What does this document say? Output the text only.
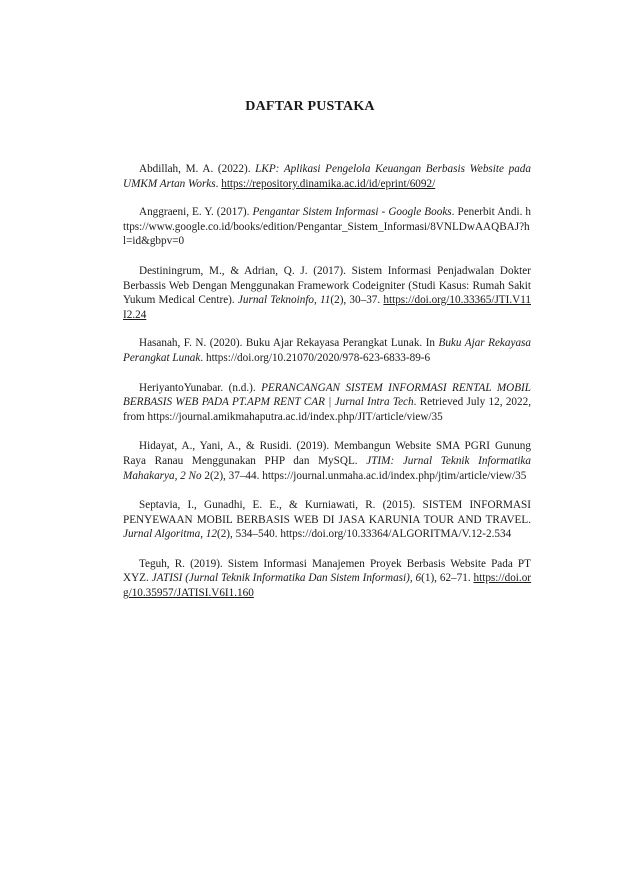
DAFTAR PUSTAKA

Abdillah, M. A. (2022). LKP: Aplikasi Pengelola Keuangan Berbasis Website pada UMKM Artan Works. https://repository.dinamika.ac.id/id/eprint/6092/

Anggraeni, E. Y. (2017). Pengantar Sistem Informasi - Google Books. Penerbit Andi. https://www.google.co.id/books/edition/Pengantar_Sistem_Informasi/8VNLDwAAQBAJ?hl=id&gbpv=0

Destiningrum, M., & Adrian, Q. J. (2017). Sistem Informasi Penjadwalan Dokter Berbassis Web Dengan Menggunakan Framework Codeigniter (Studi Kasus: Rumah Sakit Yukum Medical Centre). Jurnal Teknoinfo, 11(2), 30–37. https://doi.org/10.33365/JTI.V11I2.24

Hasanah, F. N. (2020). Buku Ajar Rekayasa Perangkat Lunak. In Buku Ajar Rekayasa Perangkat Lunak. https://doi.org/10.21070/2020/978-623-6833-89-6

HeriyantoYunabar. (n.d.). PERANCANGAN SISTEM INFORMASI RENTAL MOBIL BERBASIS WEB PADA PT.APM RENT CAR | Jurnal Intra Tech. Retrieved July 12, 2022, from https://journal.amikmahaputra.ac.id/index.php/JIT/article/view/35

Hidayat, A., Yani, A., & Rusidi. (2019). Membangun Website SMA PGRI Gunung Raya Ranau Menggunakan PHP dan MySQL. JTIM: Jurnal Teknik Informatika Mahakarya, 2 No 2(2), 37–44. https://journal.unmaha.ac.id/index.php/jtim/article/view/35

Septavia, I., Gunadhi, E. E., & Kurniawati, R. (2015). SISTEM INFORMASI PENYEWAAN MOBIL BERBASIS WEB DI JASA KARUNIA TOUR AND TRAVEL. Jurnal Algoritma, 12(2), 534–540. https://doi.org/10.33364/ALGORITMA/V.12-2.534

Teguh, R. (2019). Sistem Informasi Manajemen Proyek Berbasis Website Pada PT XYZ. JATISI (Jurnal Teknik Informatika Dan Sistem Informasi), 6(1), 62–71. https://doi.org/10.35957/JATISI.V6I1.160
